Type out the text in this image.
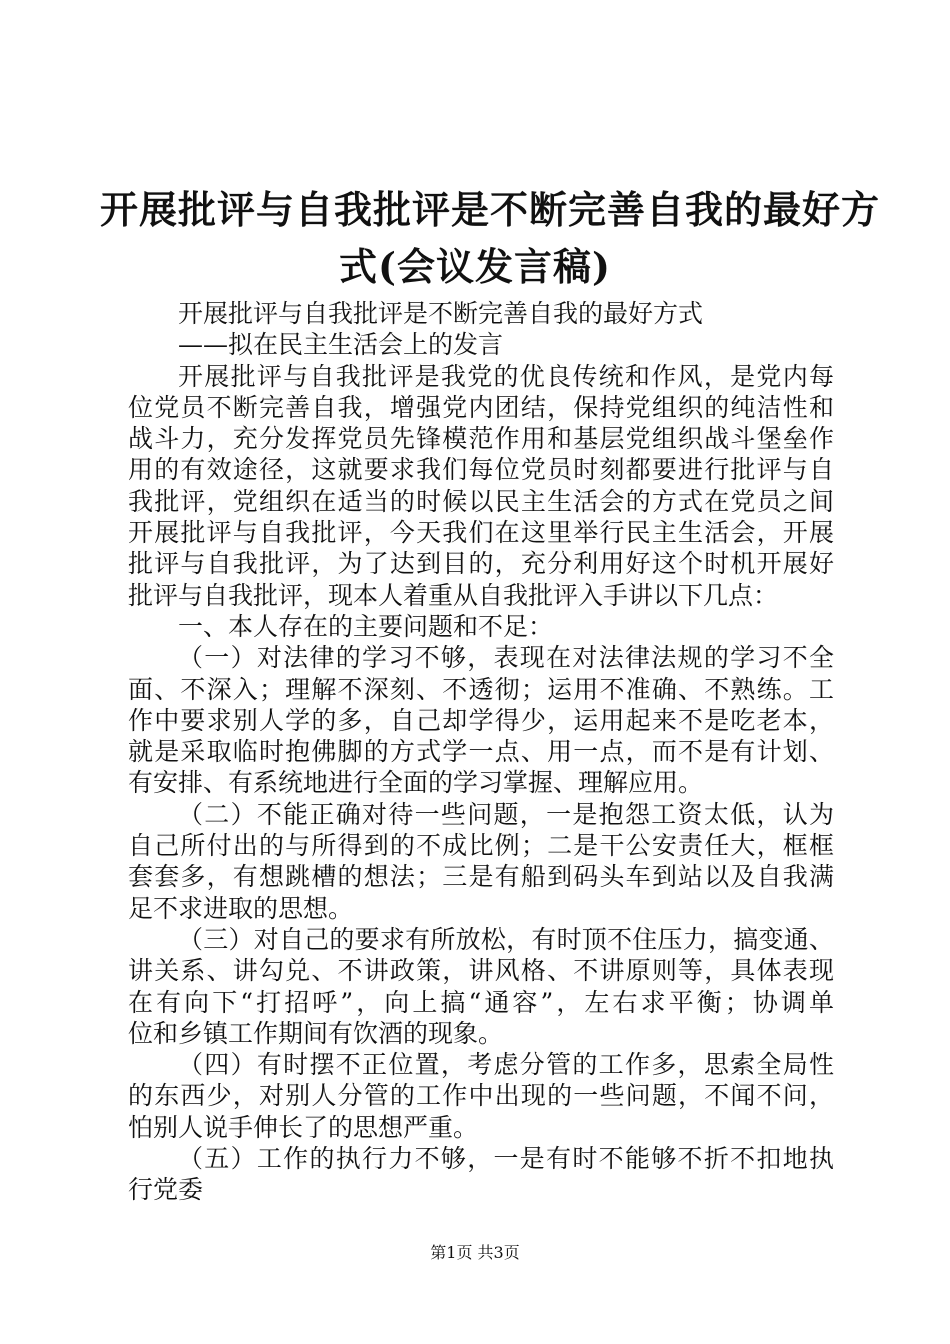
开展批评与自我批评是不断完善自我的最好方
式(会议发言稿)
开展批评与自我批评是不断完善自我的最好方式
——拟在民主生活会上的发言
开展批评与自我批评是我党的优良传统和作风，是党内每
位党员不断完善自我，增强党内团结，保持党组织的纯洁性和
战斗力，充分发挥党员先锋模范作用和基层党组织战斗堡垒作
用的有效途径，这就要求我们每位党员时刻都要进行批评与自
我批评，党组织在适当的时候以民主生活会的方式在党员之间
开展批评与自我批评，今天我们在这里举行民主生活会，开展
批评与自我批评，为了达到目的，充分利用好这个时机开展好
批评与自我批评，现本人着重从自我批评入手讲以下几点：
一、本人存在的主要问题和不足：
（一）对法律的学习不够，表现在对法律法规的学习不全
面、不深入；理解不深刻、不透彻；运用不准确、不熟练。工
作中要求别人学的多，自己却学得少，运用起来不是吃老本，
就是采取临时抱佛脚的方式学一点、用一点，而不是有计划、
有安排、有系统地进行全面的学习掌握、理解应用。
（二）不能正确对待一些问题，一是抱怨工资太低，认为
自己所付出的与所得到的不成比例；二是干公安责任大，框框
套套多，有想跳槽的想法；三是有船到码头车到站以及自我满
足不求进取的思想。
（三）对自己的要求有所放松，有时顶不住压力，搞变通、
讲关系、讲勾兑、不讲政策，讲风格、不讲原则等，具体表现
在有向下“打招呼”，向上搞“通容”，左右求平衡；协调单
位和乡镇工作期间有饮酒的现象。
（四）有时摆不正位置，考虑分管的工作多，思索全局性
的东西少，对别人分管的工作中出现的一些问题，不闻不问，
怕别人说手伸长了的思想严重。
（五）工作的执行力不够，一是有时不能够不折不扣地执
行党委
第1页 共3页
